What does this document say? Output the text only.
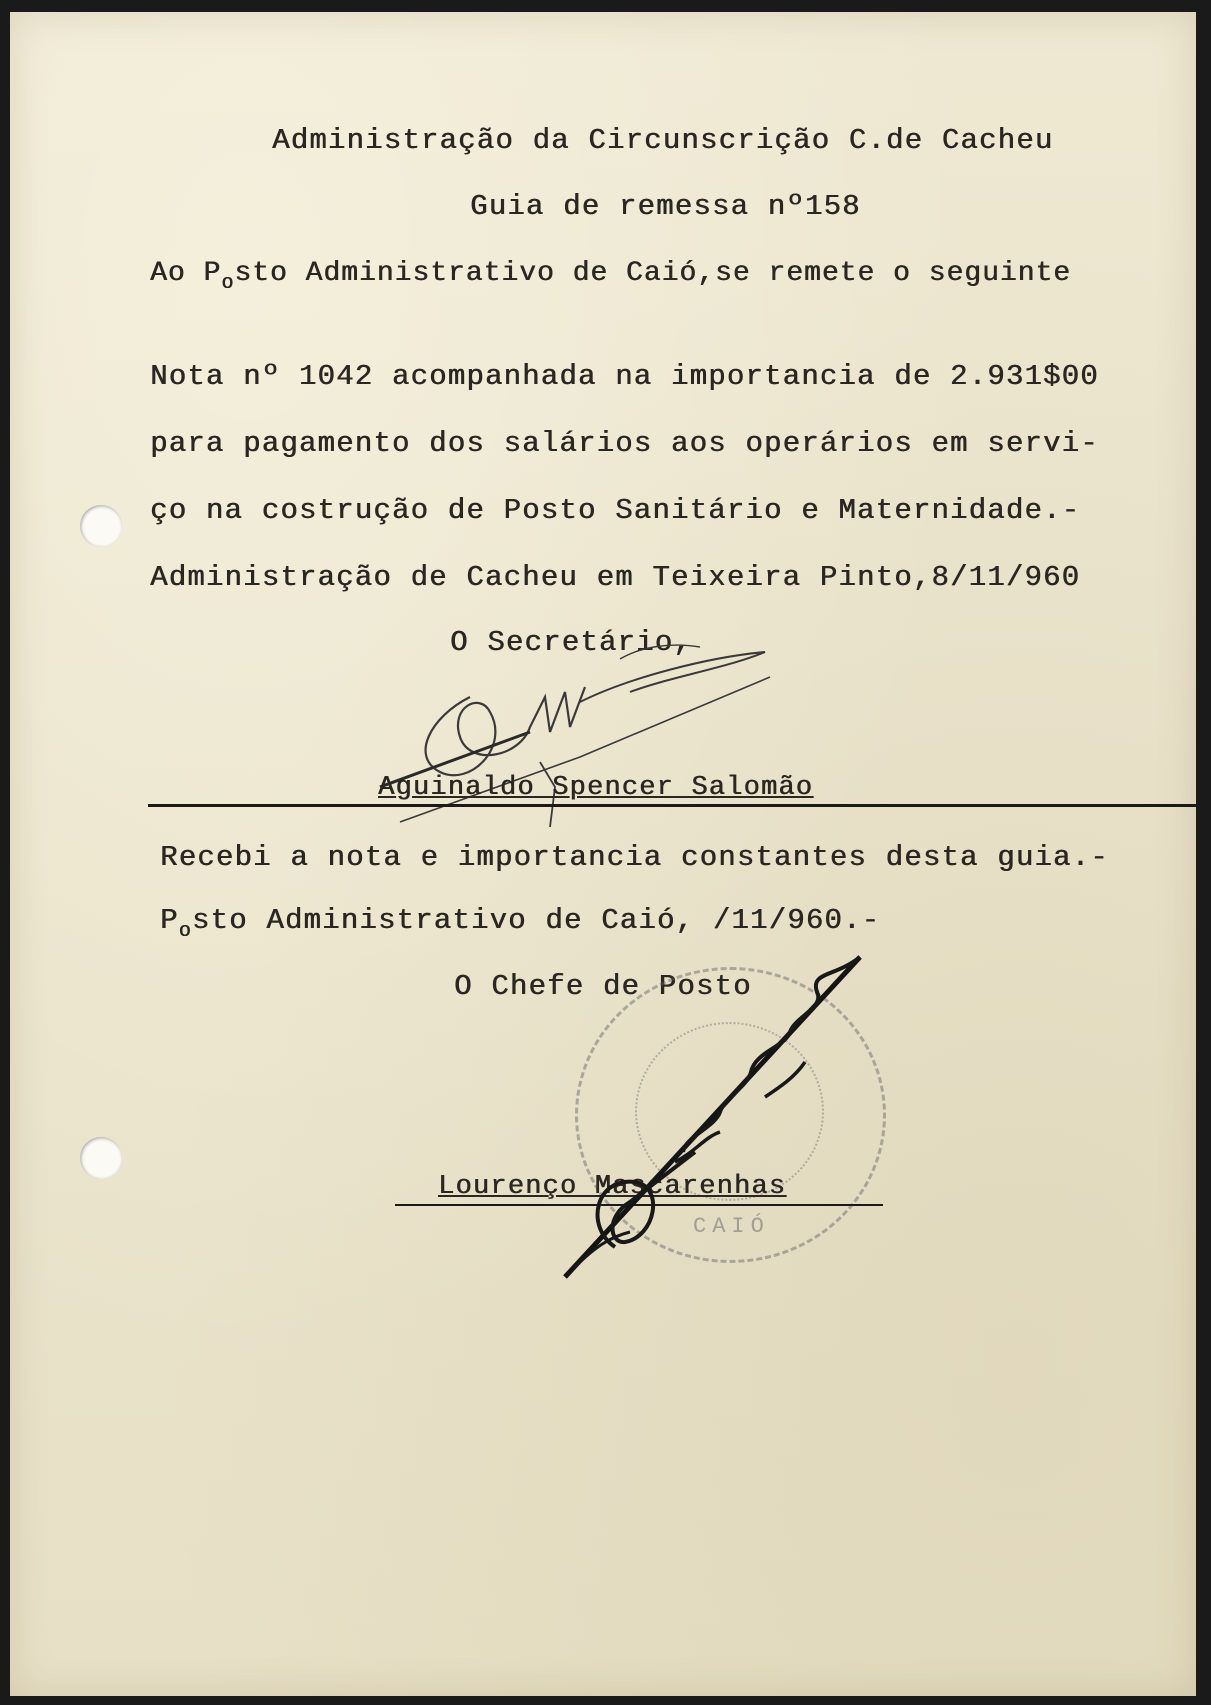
Administração da Circunscrição C.de Cacheu
Guia de remessa nº158
Ao $P_osto$ Administrativo de Caió,se remete o seguinte
Nota nº 1042 acompanhada na importancia de 2.931$00
para pagamento dos salários aos operários em servi-
ço na costrução de Posto Sanitário e Maternidade.-
Administração de Cacheu em Teixeira Pinto,8/11/960
O Secretário,
Aguinaldo Spencer Salomão
Recebi a nota e importancia constantes desta guia.-
$P_osto$ Administrativo de Caió, /11/960.-
O Chefe de Posto
CAIÓ
Lourenço Mascarenhas
